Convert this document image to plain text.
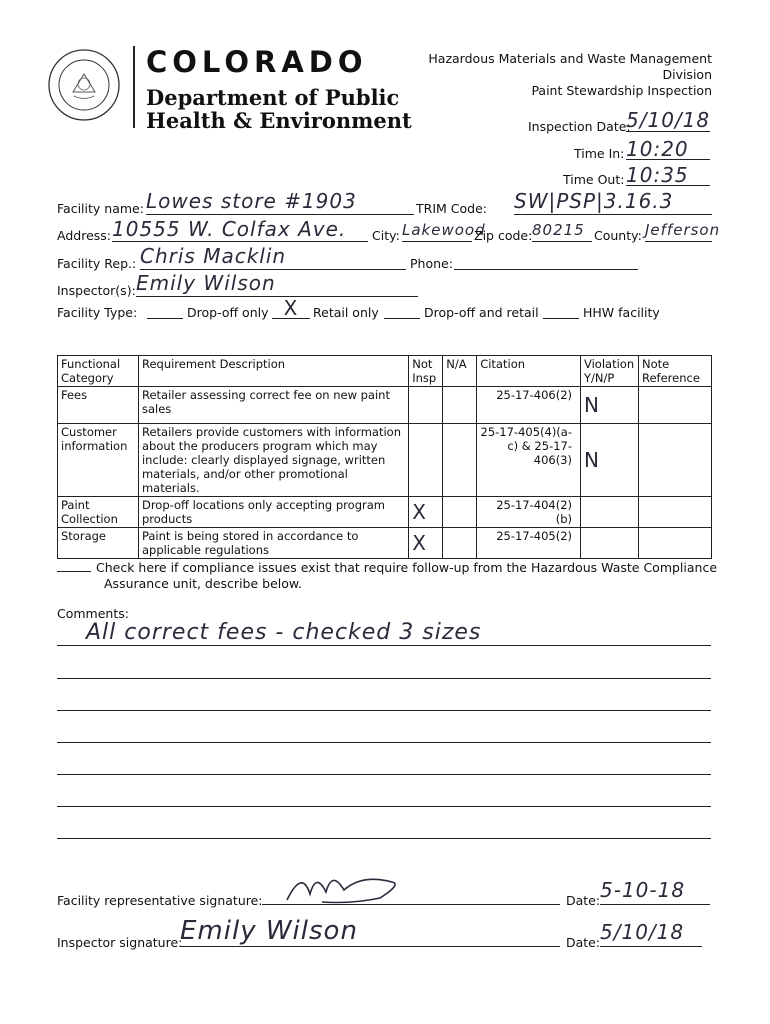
COLORADO
Department of Public
Health & Environment
Hazardous Materials and Waste Management Division
Paint Stewardship Inspection
Inspection Date:
5/10/18
Time In: 10:20
Time Out: 10:35
Facility name: Lowes store #1903	TRIM Code: SW|PSP|3.16.3
Address: 10555 W. Colfax Ave.	City: Lakewood
Zip code: 80215 County: Jefferson
Facility Rep.: Chris Macklin	Phone:
Inspector(s): Emily Wilson
Facility Type:	Drop-off only X	Retail only	Drop-off and retail	HHW facility
Functional Category	Requirement Description	Not Insp	N/A	Citation	Violation Y/N/P	Note Reference
Fees	Retailer assessing correct fee on new paint sales			25-17-406(2)	N	
Customer information	Retailers provide customers with information about the producers program which may include: clearly displayed signage, written materials, and/or other promotional materials.			25-17-405(4)(a-c) & 25-17-406(3)	N	
Paint Collection	Drop-off locations only accepting program products	X		25-17-404(2)(b)		
Storage	Paint is being stored in accordance to applicable regulations	X		25-17-405(2)		
Check here if compliance issues exist that require follow-up from the Hazardous Waste Compliance
Assurance unit, describe below.
Comments:
All correct fees - checked 3 sizes
Facility representative signature:	Date: 5-10-18
Inspector signature:
Emily Wilson	Date: 5/10/18
